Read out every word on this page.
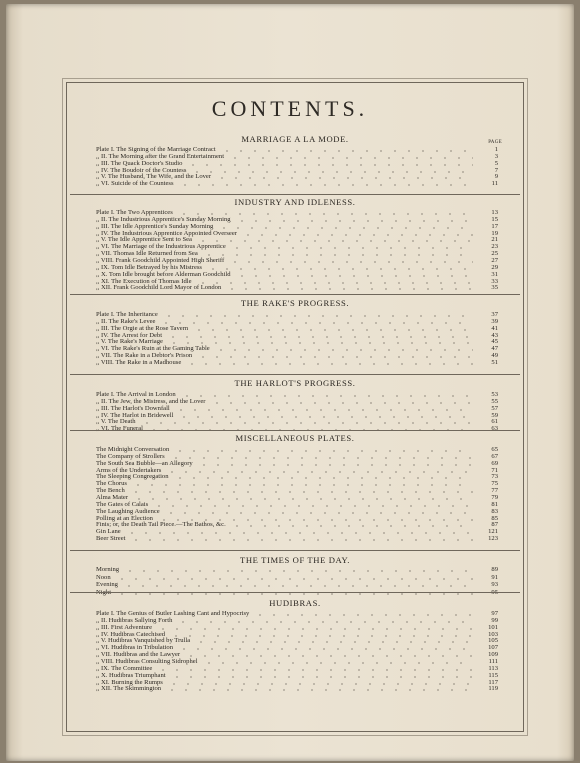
CONTENTS.
MARRIAGE A LA MODE.
Plate I. The Signing of the Marriage Contract	1
,, II. The Morning after the Grand Entertainment	3
,, III. The Quack Doctor's Studio	5
,, IV. The Boudoir of the Countess	7
,, V. The Husband, The Wife, and the Lover	9
,, VI. Suicide of the Countess	11
INDUSTRY AND IDLENESS.
Plate I. The Two Apprentices	13
,, II. The Industrious Apprentice's Sunday Morning	15
,, III. The Idle Apprentice's Sunday Morning	17
,, IV. The Industrious Apprentice Appointed Overseer	19
,, V. The Idle Apprentice Sent to Sea	21
,, VI. The Marriage of the Industrious Apprentice	23
,, VII. Thomas Idle Returned from Sea	25
,, VIII. Frank Goodchild Appointed High Sheriff	27
,, IX. Tom Idle Betrayed by his Mistress	29
,, X. Tom Idle brought before Alderman Goodchild	31
,, XI. The Execution of Thomas Idle	33
,, XII. Frank Goodchild Lord Mayor of London	35
THE RAKE'S PROGRESS.
Plate I. The Inheritance	37
,, II. The Rake's Levee	39
,, III. The Orgie at the Rose Tavern	41
,, IV. The Arrest for Debt	43
,, V. The Rake's Marriage	45
,, VI. The Rake's Ruin at the Gaming Table	47
,, VII. The Rake in a Debtor's Prison	49
,, VIII. The Rake in a Madhouse	51
THE HARLOT'S PROGRESS.
Plate I. The Arrival in London	53
,, II. The Jew, the Mistress, and the Lover	55
,, III. The Harlot's Downfall	57
,, IV. The Harlot in Bridewell	59
,, V. The Death	61
,, VI. The Funeral	63
MISCELLANEOUS PLATES.
The Midnight Conversation	65
The Company of Strollers	67
The South Sea Bubble—an Allegory	69
Arms of the Undertakers	71
The Sleeping Congregation	73
The Chorus	75
The Bench	77
Alma Mater	79
The Gates of Calais	81
The Laughing Audience	83
Polling at an Election	85
Finis; or, the Death Tail Piece.—The Bathos, &c.	87
Gin Lane	121
Beer Street	123
THE TIMES OF THE DAY.
Morning	89
Noon	91
Evening	93
Night	95
HUDIBRAS.
Plate I. The Genius of Butler Lashing Cant and Hypocrisy	97
,, II. Hudibras Sallying Forth	99
,, III. First Adventure	101
,, IV. Hudibras Catechised	103
,, V. Hudibras Vanquished by Trulla	105
,, VI. Hudibras in Tribulation	107
,, VII. Hudibras and the Lawyer	109
,, VIII. Hudibras Consulting Sidrophel	111
,, IX. The Committee	113
,, X. Hudibras Triumphant	115
,, XI. Burning the Rumps	117
,, XII. The Skimmington	119
PAGE
